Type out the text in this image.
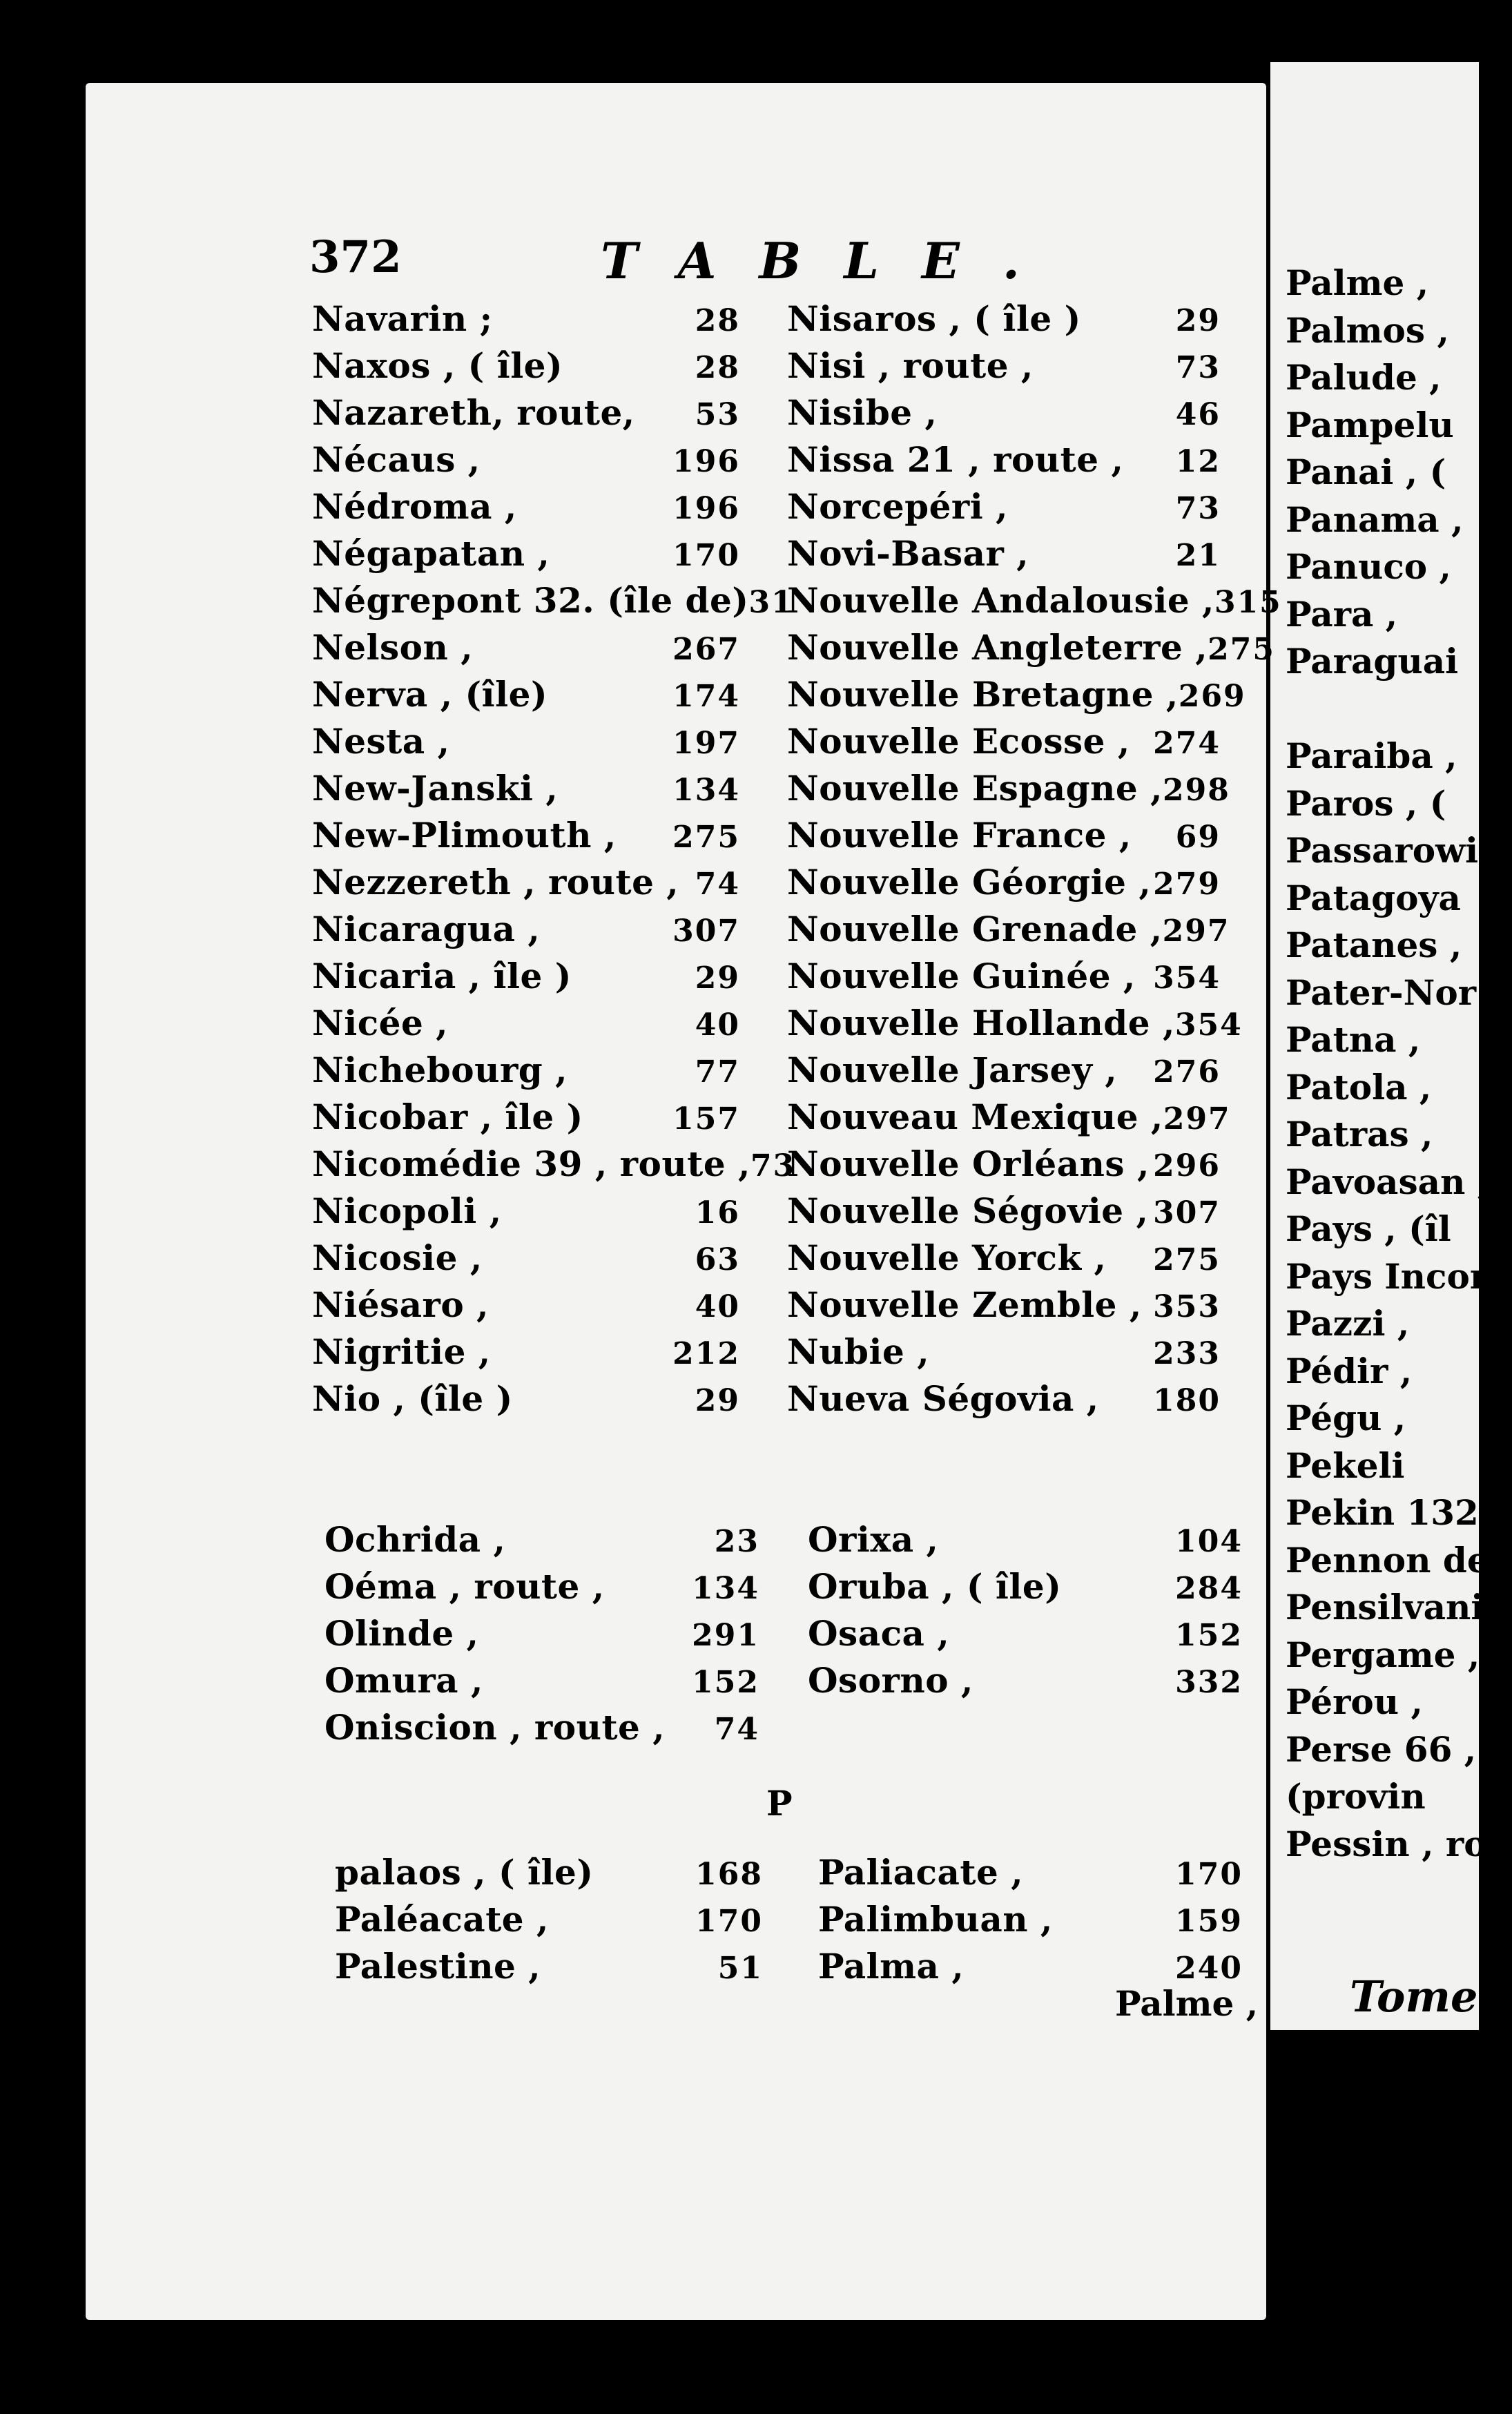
372	TABLE.
Navarin ;	28
Naxos , ( île)	28
Nazareth, route, 53
Nécaus ,	196
Nédroma ,	196
Négapatan ,	170
Négrepont 32. (île de) 31
Nelson ,	267
Nerva , (île)	174
Nesta ,	197
New-Janski ,	134
New-Plimouth , 275
Nezzereth , route , 74
Nicaragua ,	307
Nicaria , île )	29
Nicée ,	40
Nichebourg ,	77
Nicobar , île )	157
Nicomédie 39 , route , 73
Nicopoli ,	16
Nicosie ,	63
Niésaro ,	40
Nigritie ,	212
Nio , (île )	29
Nisaros , ( île )	29
Nisi , route ,	73
Nisibe ,	46
Nissa 21 , route , 12
Norcepéri ,	73
Novi-Basar ,	21
Nouvelle Andalousie , 315
Nouvelle Angleterre , 275
Nouvelle Bretagne , 269
Nouvelle Ecosse , 274
Nouvelle Espagne , 298
Nouvelle France , 69
Nouvelle Géorgie , 279
Nouvelle Grenade , 297
Nouvelle Guinée , 354
Nouvelle Hollande , 354
Nouvelle Jarsey , 276
Nouveau Mexique , 297
Nouvelle Orléans , 296
Nouvelle Ségovie , 307
Nouvelle Yorck , 275
Nouvelle Zemble , 353
Nubie ,	233
Nueva Ségovia , 180
Ochrida ,	23
Oéma , route ,	134
Olinde ,	291
Omura ,	152
Oniscion , route , 74
Orixa ,	104
Oruba , ( île)	284
Osaca ,	152
Osorno ,	332
P
palaos , ( île)	168
Paléacate ,	170
Palestine ,	51
Paliacate ,	170
Palimbuan ,	159
Palma ,	240
Palme ,
Palme ,
Palmos ,
Palude ,
Pampelu
Panai , (
Panama ,
Panuco ,
Para ,
Paraguai
Paraiba ,
Paros , (
Passarowi
Patagoya
Patanes ,
Pater-Nor
Patna ,
Patola ,
Patras ,
Pavoasan ,
Pays , (îl
Pays Incon
Pazzi ,
Pédir ,
Pégu ,
Pekeli
Pekin 132
Pennon de
Pensilvanie
Pergame ,
Pérou ,
Perse 66 ,
(provin
Pessin , rou
Tome
